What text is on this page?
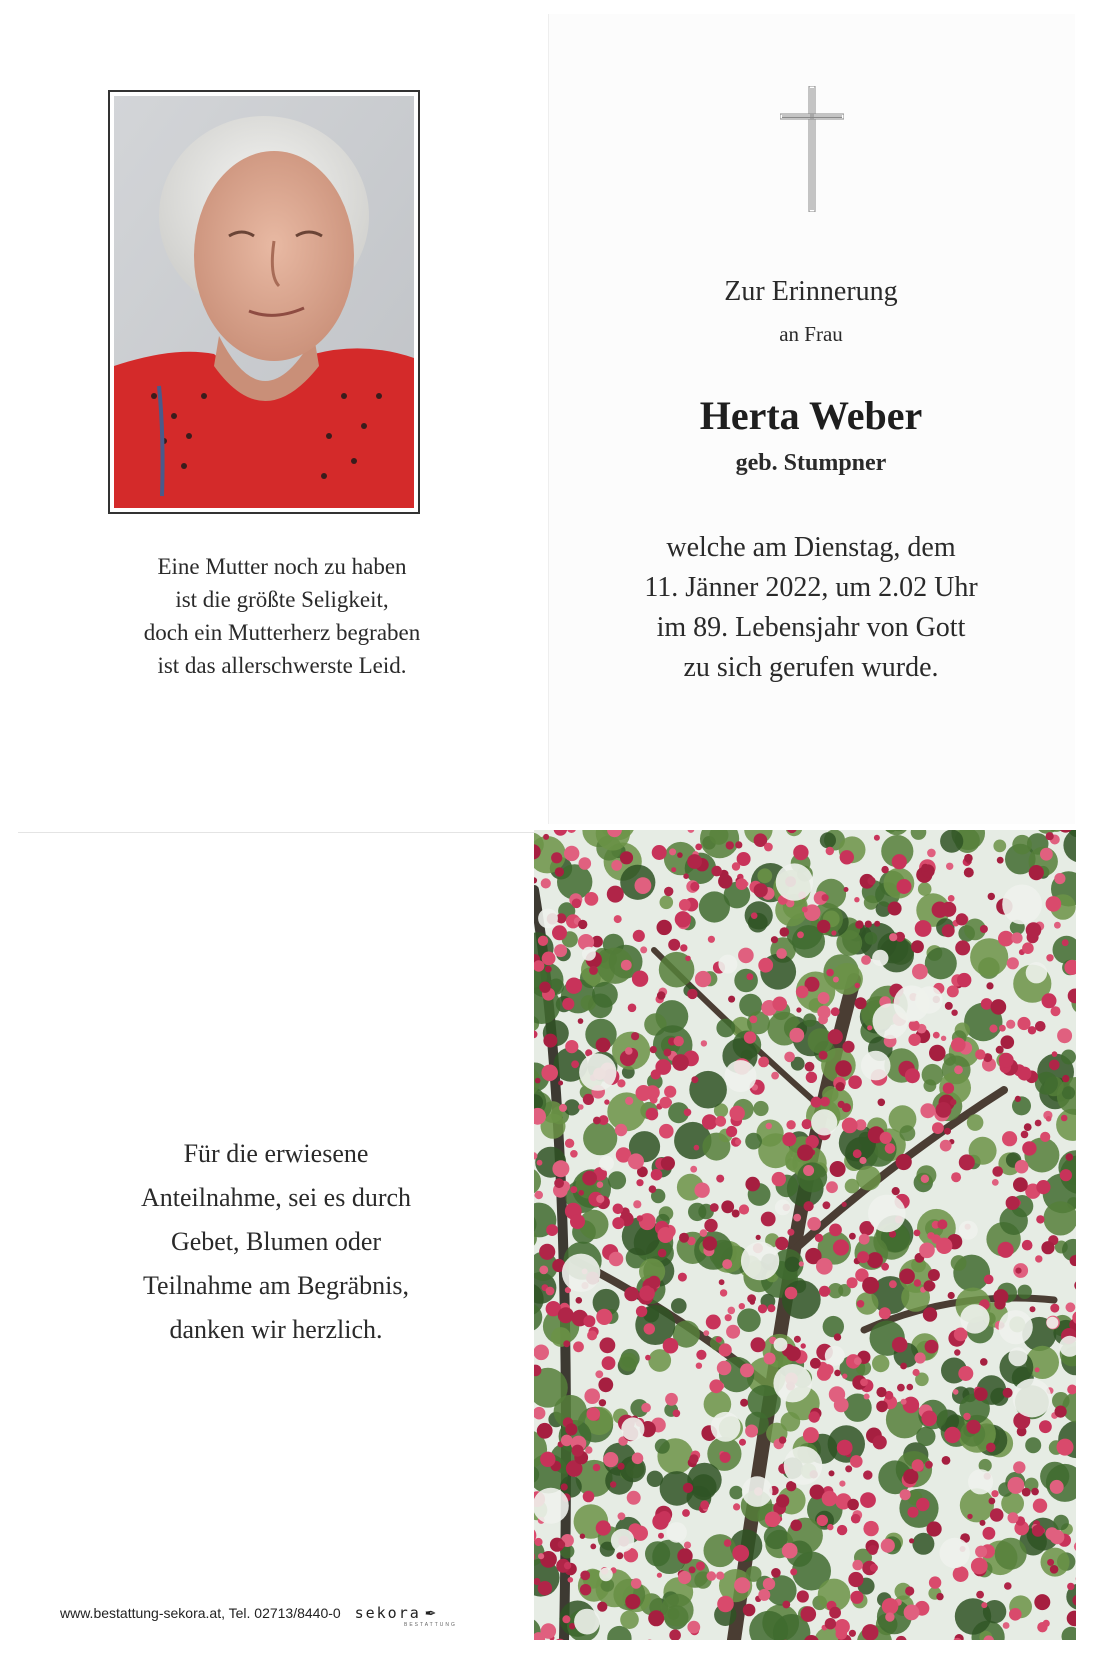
Eine Mutter noch zu haben
ist die größte Seligkeit,
doch ein Mutterherz begraben
ist das allerschwerste Leid.
Zur Erinnerung
an Frau
Herta Weber
geb. Stumpner
welche am Dienstag, dem
11. Jänner 2022, um 2.02 Uhr
im 89. Lebensjahr von Gott
zu sich gerufen wurde.
Für die erwiesene
Anteilnahme, sei es durch
Gebet, Blumen oder
Teilnahme am Begräbnis,
danken wir herzlich.
www.bestattung-sekora.at, Tel. 02713/8440-0 sekora ✒
BESTATTUNG
